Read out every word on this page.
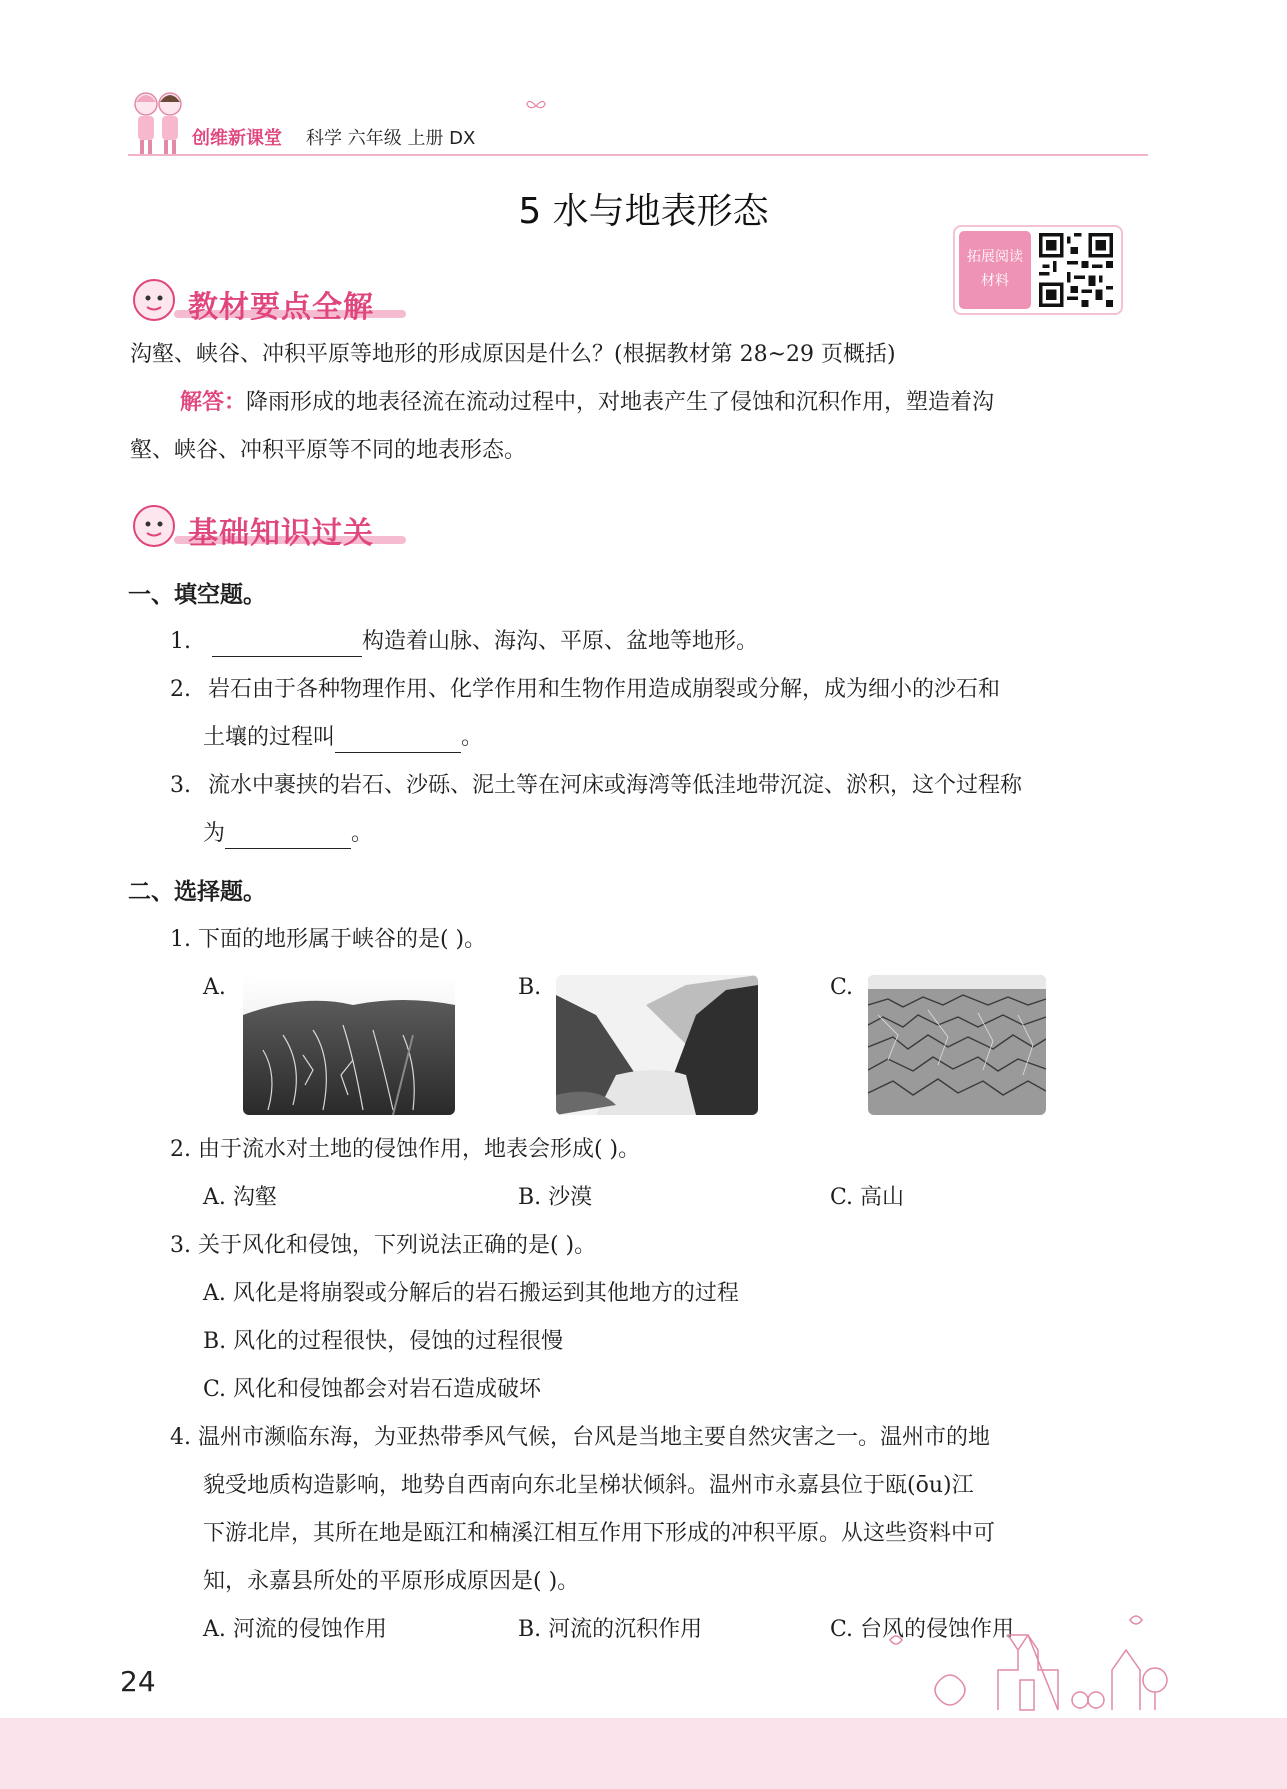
创维新课堂 科学 六年级 上册 DX
5 水与地表形态
拓展阅读
材料
教材要点全解
沟壑、峡谷、冲积平原等地形的形成原因是什么？(根据教材第 28~29 页概括)
解答：降雨形成的地表径流在流动过程中，对地表产生了侵蚀和沉积作用，塑造着沟
壑、峡谷、冲积平原等不同的地表形态。
基础知识过关
一、填空题。
1.	构造着山脉、海沟、平原、盆地等地形。
2. 岩石由于各种物理作用、化学作用和生物作用造成崩裂或分解，成为细小的沙石和
土壤的过程叫	。
3. 流水中裹挟的岩石、沙砾、泥土等在河床或海湾等低洼地带沉淀、淤积，这个过程称
为	。
二、选择题。
1. 下面的地形属于峡谷的是( )。
A.	B.	C.
2. 由于流水对土地的侵蚀作用，地表会形成( )。
A. 沟壑	B. 沙漠	C. 高山
3. 关于风化和侵蚀，下列说法正确的是( )。
A. 风化是将崩裂或分解后的岩石搬运到其他地方的过程
B. 风化的过程很快，侵蚀的过程很慢
C. 风化和侵蚀都会对岩石造成破坏
4. 温州市濒临东海，为亚热带季风气候，台风是当地主要自然灾害之一。温州市的地
貌受地质构造影响，地势自西南向东北呈梯状倾斜。温州市永嘉县位于瓯(ōu)江
下游北岸，其所在地是瓯江和楠溪江相互作用下形成的冲积平原。从这些资料中可
知，永嘉县所处的平原形成原因是( )。
A. 河流的侵蚀作用	B. 河流的沉积作用	C. 台风的侵蚀作用
24
